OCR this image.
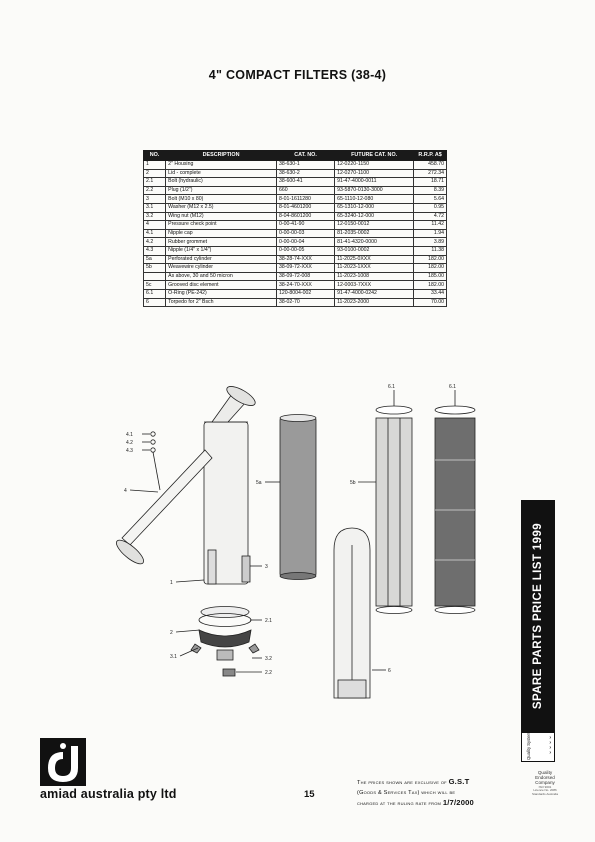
4" COMPACT FILTERS (38-4)
NO.	DESCRIPTION	CAT. NO.	FUTURE CAT. NO.	R.R.P. A$
1	2" Housing	38-630-1	12-0220-1150	458.70
2	Lid - complete	38-630-2	12-0270-1100	272.34
2.1	Bolt (hydraulic)	38-600-41	91-47-4000-0011	18.71
2.2	Plug (1/2")	660	93-5870-0130-3000	8.39
3	Bolt (M10 x 80)	8-01-1611280	65-1110-12-080	5.64
3.1	Washer (M12 x 2.5)	8-01-4601200	65-1310-12-000	0.95
3.2	Wing nut (M12)	8-04-8601200	65-3240-12-000	4.72
4	Pressure check point	0-00-41-90	12-0150-0012	11.42
4.1	Nipple cap	0-00-00-03	81-2035-0002	1.94
4.2	Rubber grommet	0-00-00-04	81-41-4320-0000	3.89
4.3	Nipple (1/4" x 1/4")	0-00-00-05	93-0100-0002	11.38
5a	Perforated cylinder	38-28-74-XXX	11-2025-0XXX	182.00
5b	Weavewire cylinder	38-09-72-XXX	11-2023-1XXX	182.00
	As above, 30 and 50 micron	38-09-72-008	11-2023-1008	185.00
5c	Grooved disc element	38-24-70-XXX	12-0003-7XXX	182.00
6.1	O-Ring (PE-242)	120-8004-002	91-47-4000-0242	33.44
6	Torpedo for 2" Bsch	38-02-70	11-2023-2000	70.00
4.1
4.2
4.3
4
1
3
2
2.1
3.1	3.2
2.2
5a	5b
6
6.1	6.1
SPARE PARTS PRICE LIST 1999
Quality System	›
›
›
›
amiad australia pty ltd	15
The prices shown are exclusive of G.S.T
(Goods & Services Tax) which will be
charged at the ruling rate from 1/7/2000
Quality
Endorsed
Company
ISO 9001
Licence No. 2086
Standards Australia
